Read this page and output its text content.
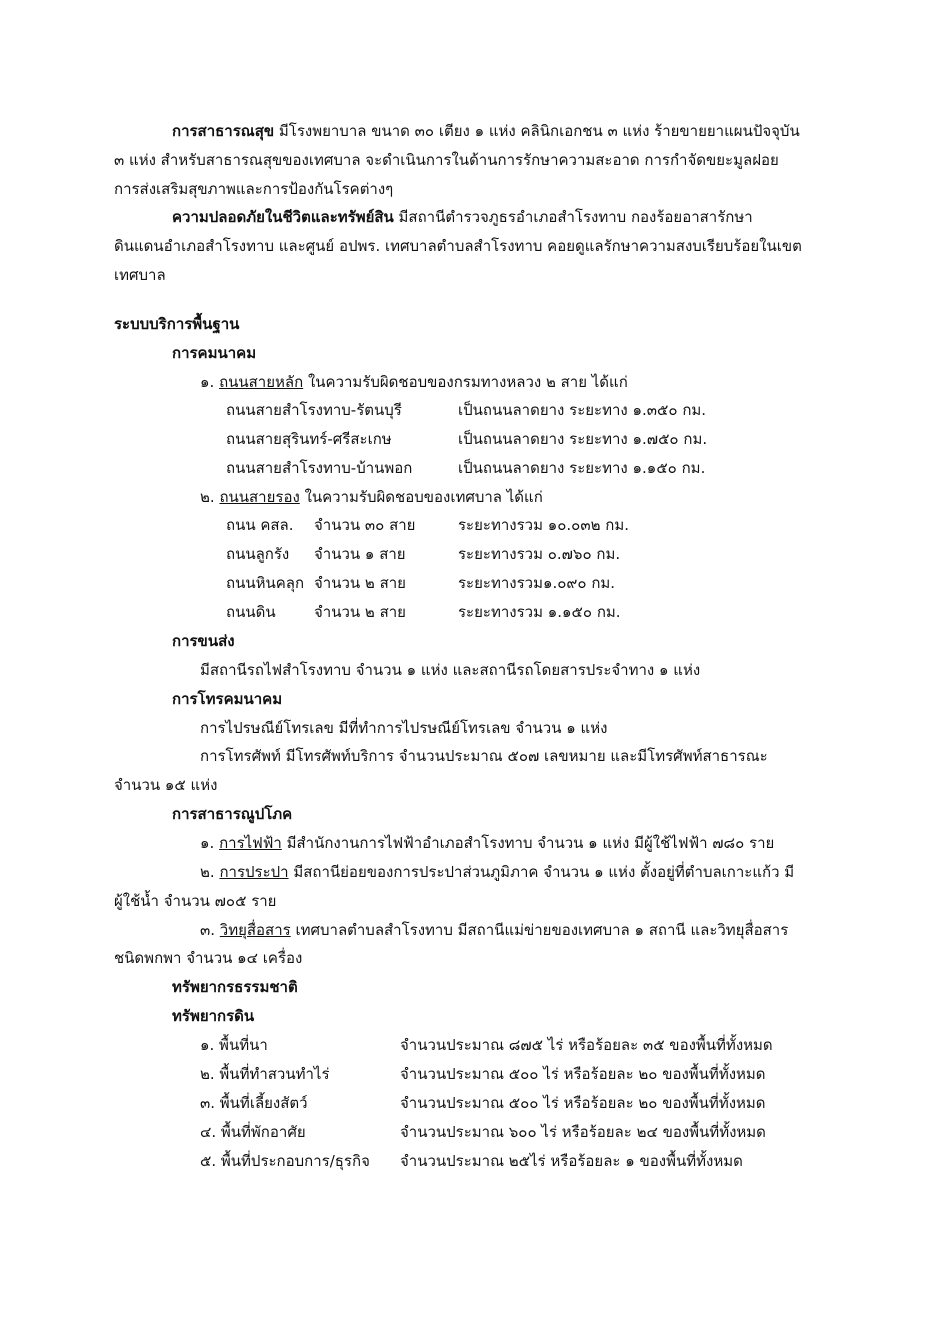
การสาธารณสุข มีโรงพยาบาล ขนาด ๓๐ เตียง ๑ แห่ง คลินิกเอกชน ๓ แห่ง ร้ายขายยาแผนปัจจุบัน
๓ แห่ง สำหรับสาธารณสุขของเทศบาล จะดำเนินการในด้านการรักษาความสะอาด การกำจัดขยะมูลฝอย
การส่งเสริมสุขภาพและการป้องกันโรคต่างๆ
ความปลอดภัยในชีวิตและทรัพย์สิน มีสถานีตำรวจภูธรอำเภอสำโรงทาบ กองร้อยอาสารักษา
ดินแดนอำเภอสำโรงทาบ และศูนย์ อปพร. เทศบาลตำบลสำโรงทาบ คอยดูแลรักษาความสงบเรียบร้อยในเขต
เทศบาล
ระบบบริการพื้นฐาน
การคมนาคม
๑. ถนนสายหลัก ในความรับผิดชอบของกรมทางหลวง ๒ สาย ได้แก่
ถนนสายสำโรงทาบ-รัตนบุรี	เป็นถนนลาดยาง ระยะทาง ๑.๓๕๐ กม.
ถนนสายสุรินทร์-ศรีสะเกษ	เป็นถนนลาดยาง ระยะทาง ๑.๗๕๐ กม.
ถนนสายสำโรงทาบ-บ้านพอก	เป็นถนนลาดยาง ระยะทาง ๑.๑๕๐ กม.
๒. ถนนสายรอง ในความรับผิดชอบของเทศบาล ได้แก่
ถนน คสล. จำนวน ๓๐ สาย	ระยะทางรวม ๑๐.๐๓๒ กม.
ถนนลูกรัง จำนวน ๑ สาย	ระยะทางรวม ๐.๗๖๐ กม.
ถนนหินคลุก จำนวน ๒ สาย	ระยะทางรวม๑.๐๙๐ กม.
ถนนดิน	จำนวน ๒ สาย	ระยะทางรวม ๑.๑๕๐ กม.
การขนส่ง
มีสถานีรถไฟสำโรงทาบ จำนวน ๑ แห่ง และสถานีรถโดยสารประจำทาง ๑ แห่ง
การโทรคมนาคม
การไปรษณีย์โทรเลข มีที่ทำการไปรษณีย์โทรเลข จำนวน ๑ แห่ง
การโทรศัพท์ มีโทรศัพท์บริการ จำนวนประมาณ ๕๐๗ เลขหมาย และมีโทรศัพท์สาธารณะ
จำนวน ๑๕ แห่ง
การสาธารณูปโภค
๑. การไฟฟ้า มีสำนักงานการไฟฟ้าอำเภอสำโรงทาบ จำนวน ๑ แห่ง มีผู้ใช้ไฟฟ้า ๗๘๐ ราย
๒. การประปา มีสถานีย่อยของการประปาส่วนภูมิภาค จำนวน ๑ แห่ง ตั้งอยู่ที่ตำบลเกาะแก้ว มี
ผู้ใช้น้ำ จำนวน ๗๐๕ ราย
๓. วิทยุสื่อสาร เทศบาลตำบลสำโรงทาบ มีสถานีแม่ข่ายของเทศบาล ๑ สถานี และวิทยุสื่อสาร
ชนิดพกพา จำนวน ๑๔ เครื่อง
ทรัพยากรธรรมชาติ
ทรัพยากรดิน
๑. พื้นที่นา	จำนวนประมาณ ๘๗๕ ไร่ หรือร้อยละ ๓๕ ของพื้นที่ทั้งหมด
๒. พื้นที่ทำสวนทำไร่	จำนวนประมาณ ๕๐๐ ไร่ หรือร้อยละ ๒๐ ของพื้นที่ทั้งหมด
๓. พื้นที่เลี้ยงสัตว์	จำนวนประมาณ ๕๐๐ ไร่ หรือร้อยละ ๒๐ ของพื้นที่ทั้งหมด
๔. พื้นที่พักอาศัย	จำนวนประมาณ ๖๐๐ ไร่ หรือร้อยละ ๒๔ ของพื้นที่ทั้งหมด
๕. พื้นที่ประกอบการ/ธุรกิจ จำนวนประมาณ ๒๕ไร่ หรือร้อยละ ๑ ของพื้นที่ทั้งหมด
